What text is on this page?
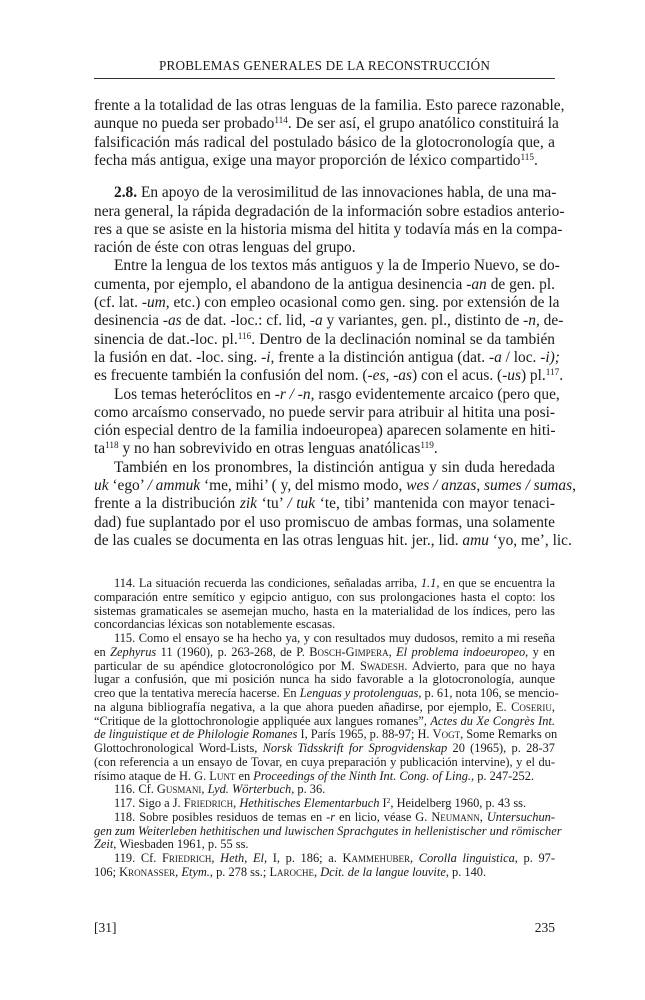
PROBLEMAS GENERALES DE LA RECONSTRUCCIÓN
frente a la totalidad de las otras lenguas de la familia. Esto parece razonable,
aunque no pueda ser probado$^{114}$. De ser así, el grupo anatólico constituirá la
falsificación más radical del postulado básico de la glotocronología que, a
fecha más antigua, exige una mayor proporción de léxico compartido$^{115}$.
2.8. En apoyo de la verosimilitud de las innovaciones habla, de una ma-
nera general, la rápida degradación de la información sobre estadios anterio-
res a que se asiste en la historia misma del hitita y todavía más en la compa-
ración de éste con otras lenguas del grupo.
Entre la lengua de los textos más antiguos y la de Imperio Nuevo, se do-
cumenta, por ejemplo, el abandono de la antigua desinencia -an de gen. pl.
(cf. lat. -um, etc.) con empleo ocasional como gen. sing. por extensión de la
desinencia -as de dat. -loc.: cf. lid, -a y variantes, gen. pl., distinto de -n, de-
sinencia de dat.-loc. pl.$^{116}$. Dentro de la declinación nominal se da también
la fusión en dat. -loc. sing. -i, frente a la distinción antigua (dat. -a / loc. -i);
es frecuente también la confusión del nom. (-es, -as) con el acus. (-us) pl.$^{117}$.
Los temas heteróclitos en -r / -n, rasgo evidentemente arcaico (pero que,
como arcaísmo conservado, no puede servir para atribuir al hitita una posi-
ción especial dentro de la familia indoeuropea) aparecen solamente en hiti-
$ta^{118}$ y no han sobrevivido en otras lenguas anatólicas$^{119}$.
También en los pronombres, la distinción antigua y sin duda heredada
uk ‘ego’ / ammuk ‘me, mihi’ ( y, del mismo modo, wes / anzas, sumes / sumas,
frente a la distribución zik ‘tu’ / tuk ‘te, tibi’ mantenida con mayor tenaci-
dad) fue suplantado por el uso promiscuo de ambas formas, una solamente
de las cuales se documenta en las otras lenguas hit. jer., lid. amu ‘yo, me’, lic.
114. La situación recuerda las condiciones, señaladas arriba, 1.1, en que se encuentra la
comparación entre semítico y egipcio antiguo, con sus prolongaciones hasta el copto: los
sistemas gramaticales se asemejan mucho, hasta en la materialidad de los índices, pero las
concordancias léxicas son notablemente escasas.
115. Como el ensayo se ha hecho ya, y con resultados muy dudosos, remito a mi reseña
en Zephyrus 11 (1960), p. 263-268, de P. Bosch-Gimpera, El problema indoeuropeo, y en
particular de su apéndice glotocronológico por M. Swadesh. Advierto, para que no haya
lugar a confusión, que mi posición nunca ha sido favorable a la glotocronología, aunque
creo que la tentativa merecía hacerse. En Lenguas y protolenguas, p. 61, nota 106, se mencio-
na alguna bibliografía negativa, a la que ahora pueden añadirse, por ejemplo, E. Coseriu,
“Critique de la glottochronologie appliquée aux langues romanes”, Actes du Xe Congrès Int.
de linguistique et de Philologie Romanes I, París 1965, p. 88-97; H. Vogt, Some Remarks on
Glottochronological Word-Lists, Norsk Tidsskrift for Sprogvidenskap 20 (1965), p. 28-37
(con referencia a un ensayo de Tovar, en cuya preparación y publicación intervine), y el du-
rísimo ataque de H. G. Lunt en Proceedings of the Ninth Int. Cong. of Ling., p. 247-252.
116. Cf. Gusmani, Lyd. Wörterbuch, p. 36.
117. Sigo a J. Friedrich, Hethitisches Elementarbuch $I^2$, Heidelberg 1960, p. 43 ss.
118. Sobre posibles residuos de temas en -r en licio, véase G. Neumann, Untersuchun-
gen zum Weiterleben hethitischen und luwischen Sprachgutes in hellenistischer und römischer
Zeit, Wiesbaden 1961, p. 55 ss.
119. Cf. Friedrich, Heth, El, I, p. 186; a. Kammehuber, Corolla linguistica, p. 97-
106; Kronasser, Etym., p. 278 ss.; Laroche, Dcit. de la langue louvite, p. 140.
[31]	235
